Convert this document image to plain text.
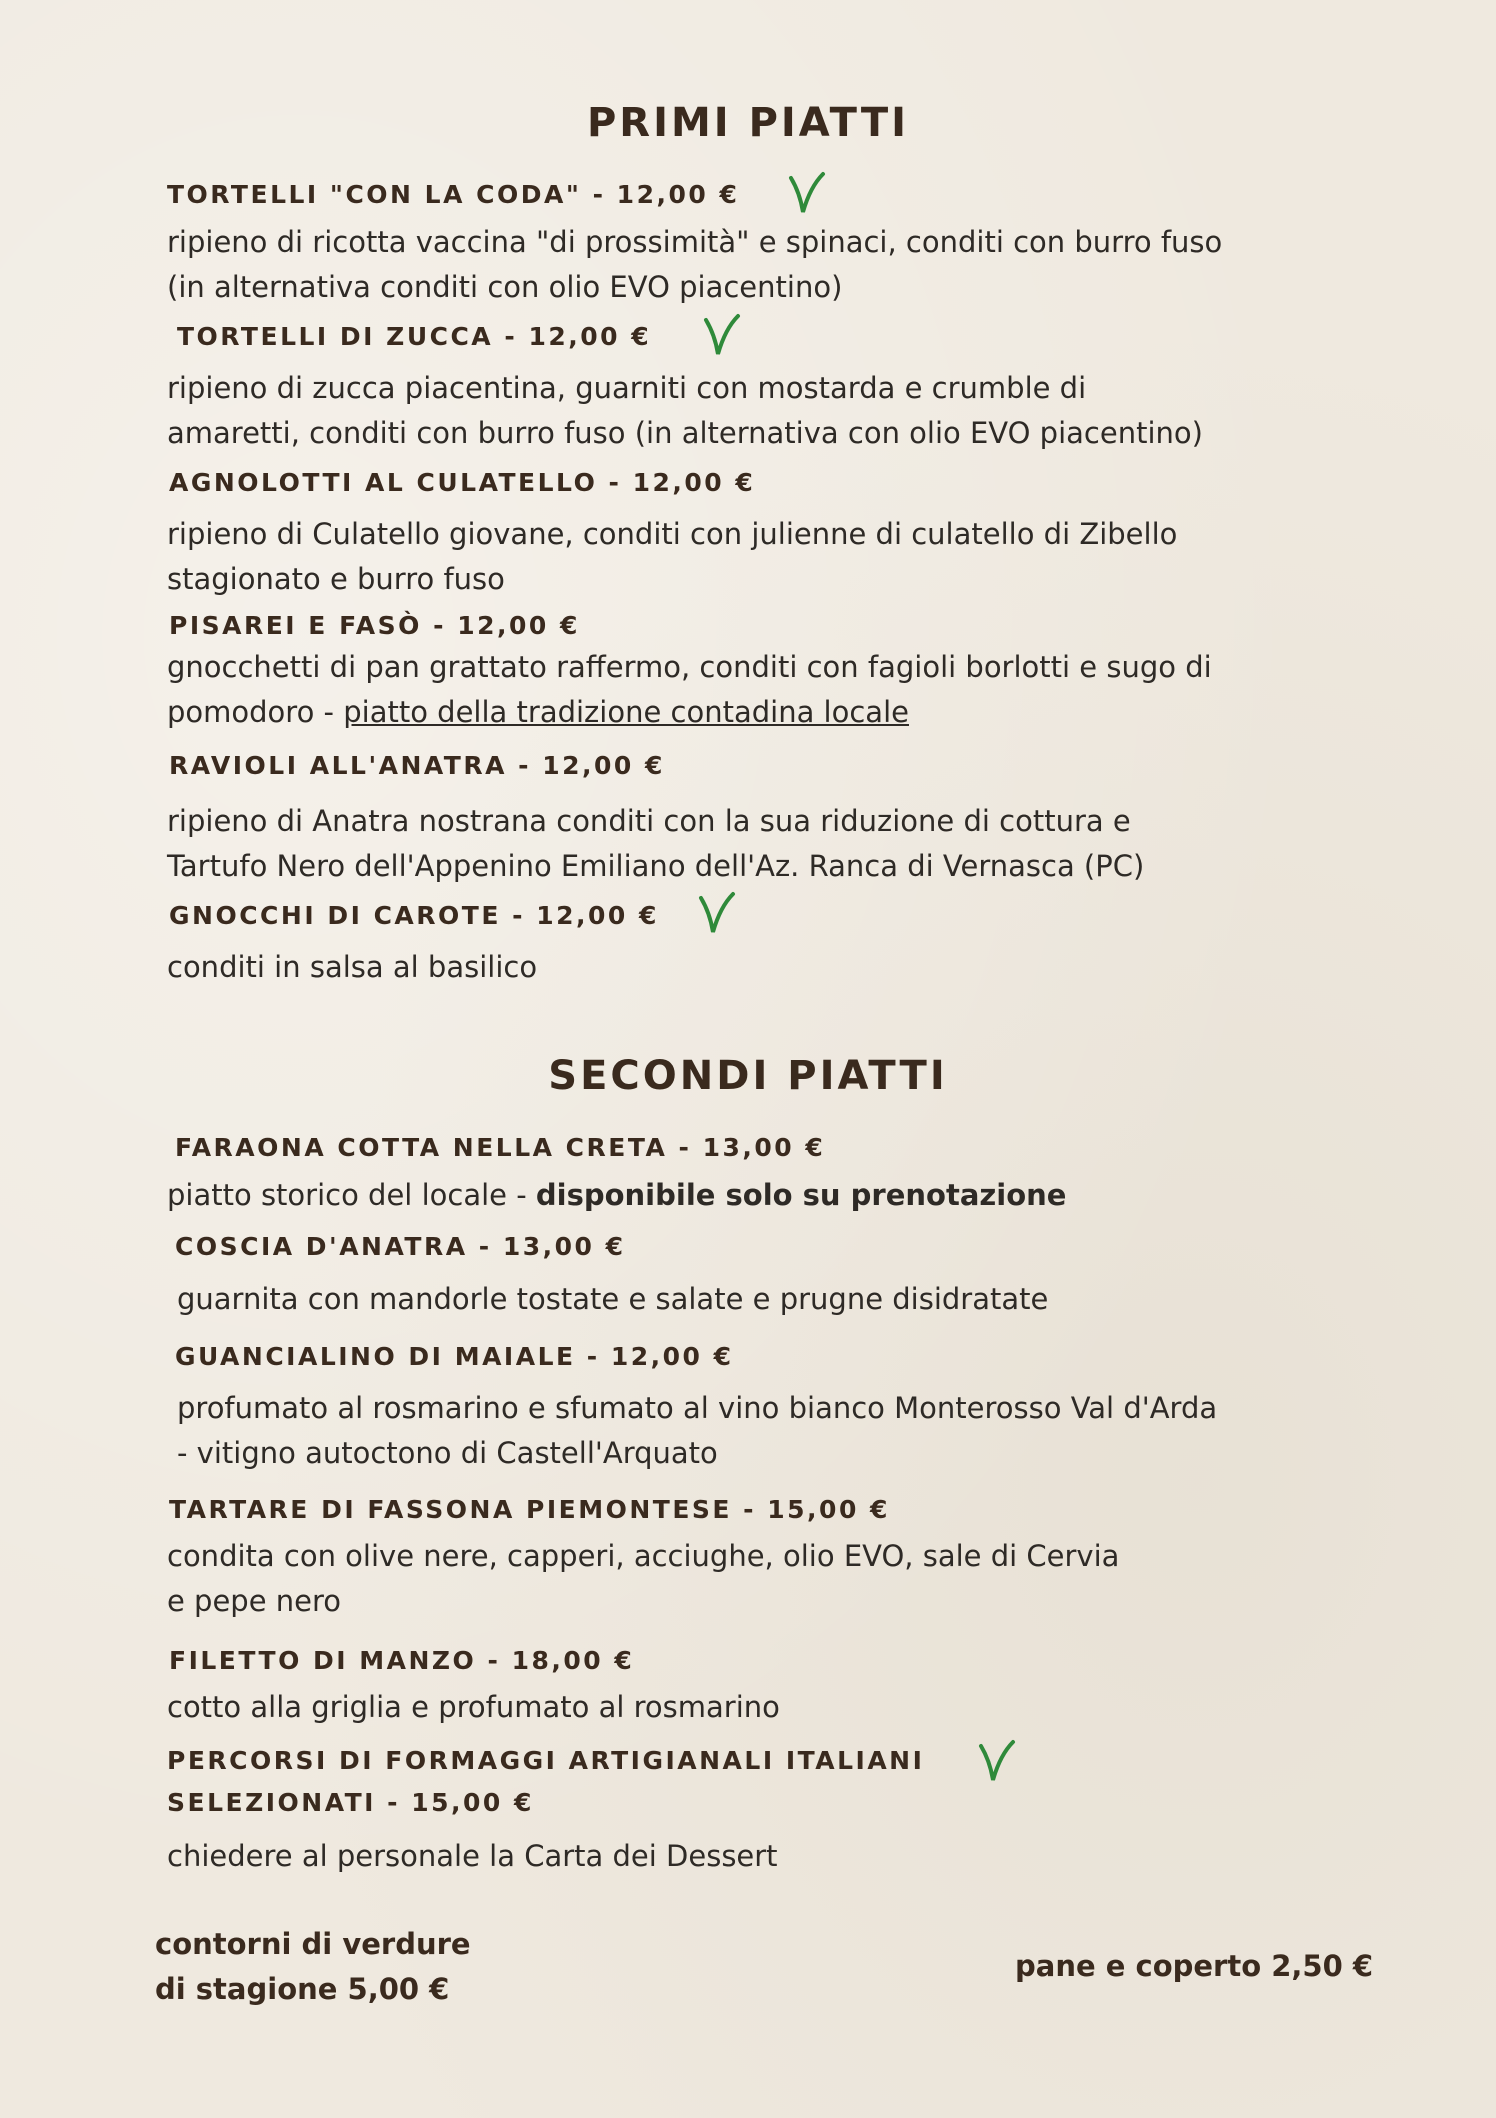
PRIMI PIATTI
TORTELLI "CON LA CODA" - 12,00 €
ripieno di ricotta vaccina "di prossimità" e spinaci, conditi con burro fuso
(in alternativa conditi con olio EVO piacentino)
TORTELLI DI ZUCCA - 12,00 €
ripieno di zucca piacentina, guarniti con mostarda e crumble di
amaretti, conditi con burro fuso (in alternativa con olio EVO piacentino)
AGNOLOTTI AL CULATELLO - 12,00 €
ripieno di Culatello giovane, conditi con julienne di culatello di Zibello
stagionato e burro fuso
PISAREI E FASÒ - 12,00 €
gnocchetti di pan grattato raffermo, conditi con fagioli borlotti e sugo di
pomodoro - piatto della tradizione contadina locale
RAVIOLI ALL'ANATRA - 12,00 €
ripieno di Anatra nostrana conditi con la sua riduzione di cottura e
Tartufo Nero dell'Appenino Emiliano dell'Az. Ranca di Vernasca (PC)
GNOCCHI DI CAROTE - 12,00 €
conditi in salsa al basilico
SECONDI PIATTI
FARAONA COTTA NELLA CRETA - 13,00 €
piatto storico del locale - disponibile solo su prenotazione
COSCIA D'ANATRA - 13,00 €
guarnita con mandorle tostate e salate e prugne disidratate
GUANCIALINO DI MAIALE - 12,00 €
profumato al rosmarino e sfumato al vino bianco Monterosso Val d'Arda
- vitigno autoctono di Castell'Arquato
TARTARE DI FASSONA PIEMONTESE - 15,00 €
condita con olive nere, capperi, acciughe, olio EVO, sale di Cervia
e pepe nero
FILETTO DI MANZO - 18,00 €
cotto alla griglia e profumato al rosmarino
PERCORSI DI FORMAGGI ARTIGIANALI ITALIANI
SELEZIONATI - 15,00 €
chiedere al personale la Carta dei Dessert
contorni di verdure
di stagione 5,00 €
pane e coperto 2,50 €
